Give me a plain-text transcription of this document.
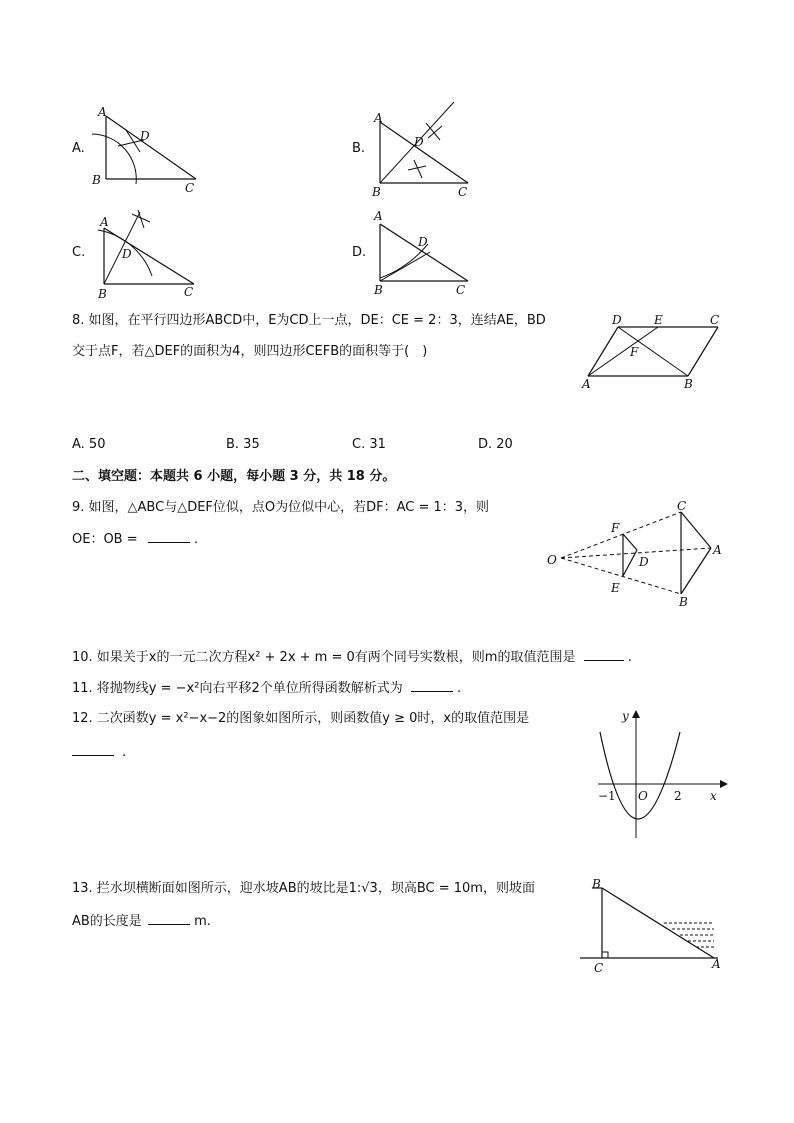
A.
A
B
C
D
B.
A
B	C
D
C.
A
B	C
D	D.
A
B	C
D
8. 如图，在平行四边形ABCD中，E为CD上一点，DE：CE = 2：3，连结AE，BD
交于点F，若△DEF的面积为4，则四边形CEFB的面积等于(　)
D	E	C
F
A	B
A. 50	B. 35	C. 31	D. 20
二、填空题：本题共 6 小题，每小题 3 分，共 18 分。
9. 如图，△ABC与△DEF位似，点O为位似中心，若DF：AC = 1：3，则
OE：OB =	.
O
C
A
B
F
D
E
10. 如果关于x的一元二次方程x² + 2x + m = 0有两个同号实数根，则m的取值范围是	.
11. 将抛物线y = −x²向右平移2个单位所得函数解析式为	.
12. 二次函数y = x²−x−2的图象如图所示，则函数值y ≥ 0时，x的取值范围是
.
y
x
O
−1	2
13. 拦水坝横断面如图所示，迎水坡AB的坡比是1:√3，坝高BC = 10m，则坡面
AB的长度是	m.
B
C	A
